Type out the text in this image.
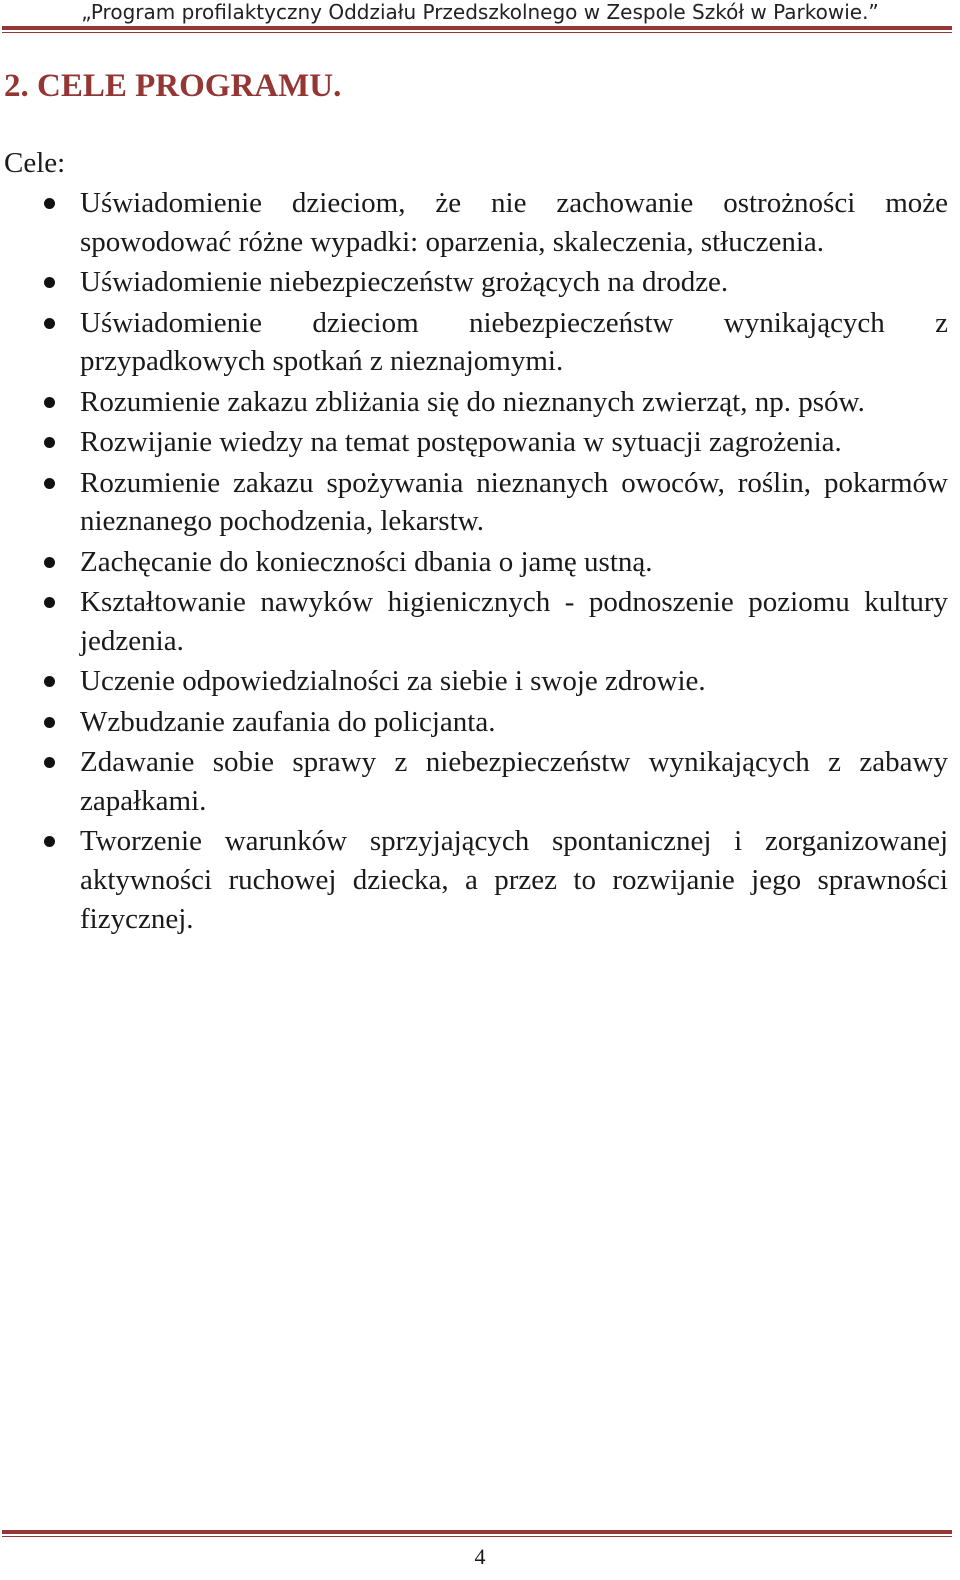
„Program profilaktyczny Oddziału Przedszkolnego w Zespole Szkół w Parkowie.”
2. CELE PROGRAMU.

Cele:

Uświadomienie dzieciom, że nie zachowanie ostrożności może spowodować różne wypadki: oparzenia, skaleczenia, stłuczenia.
Uświadomienie niebezpieczeństw grożących na drodze.
Uświadomienie dzieciom niebezpieczeństw wynikających z przypadkowych spotkań z nieznajomymi.
Rozumienie zakazu zbliżania się do nieznanych zwierząt, np. psów.
Rozwijanie wiedzy na temat postępowania w sytuacji zagrożenia.
Rozumienie zakazu spożywania nieznanych owoców, roślin, pokarmów nieznanego pochodzenia, lekarstw.
Zachęcanie do konieczności dbania o jamę ustną.
Kształtowanie nawyków higienicznych - podnoszenie poziomu kultury jedzenia.
Uczenie odpowiedzialności za siebie i swoje zdrowie.
Wzbudzanie zaufania do policjanta.
Zdawanie sobie sprawy z niebezpieczeństw wynikających z zabawy zapałkami.
Tworzenie warunków sprzyjających spontanicznej i zorganizowanej aktywności ruchowej dziecka, a przez to rozwijanie jego sprawności fizycznej.
4
